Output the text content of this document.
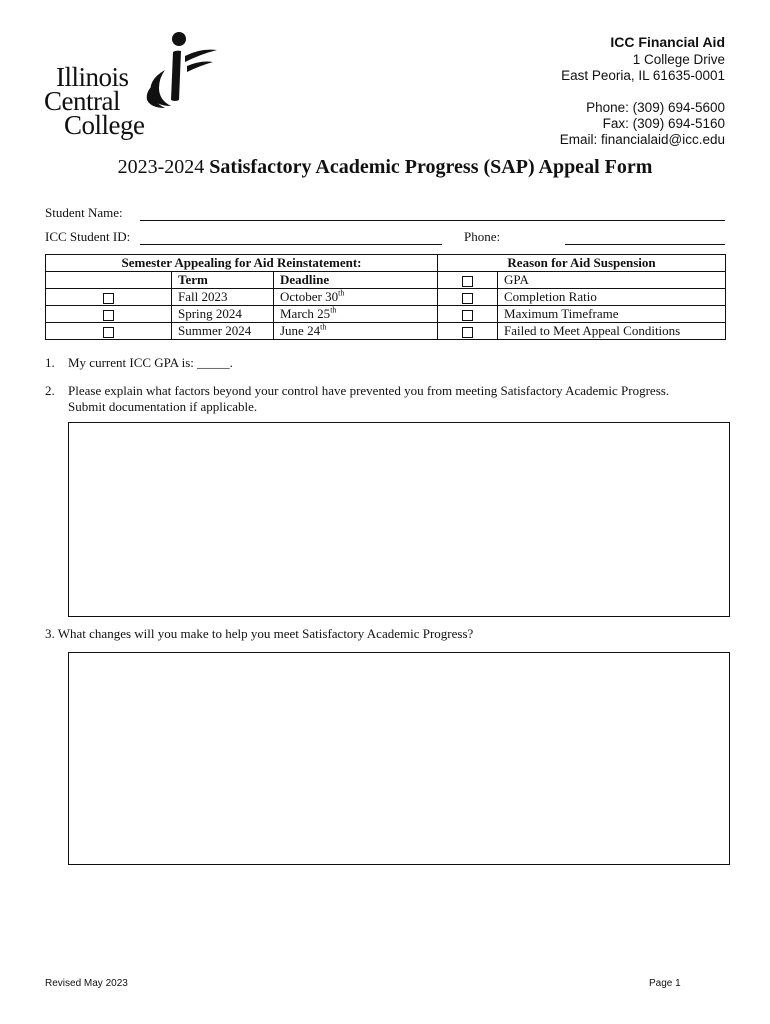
Illinois
Central
College
ICC Financial Aid
1 College Drive
East Peoria, IL 61635-0001
Phone: (309) 694-5600
Fax: (309) 694-5160
Email: financialaid@icc.edu
2023-2024 Satisfactory Academic Progress (SAP) Appeal Form
Student Name:
ICC Student ID:	Phone:
Semester Appealing for Aid Reinstatement:			Reason for Aid Suspension	
	Term	Deadline		GPA
	Fall 2023	October 30th		Completion Ratio
	Spring 2024	March 25th		Maximum Timeframe
	Summer 2024	June 24th		Failed to Meet Appeal Conditions
1. My current ICC GPA is: _____.
2. Please explain what factors beyond your control have prevented you from meeting Satisfactory Academic Progress.
Submit documentation if applicable.
3. What changes will you make to help you meet Satisfactory Academic Progress?
Revised May 2023	Page 1
